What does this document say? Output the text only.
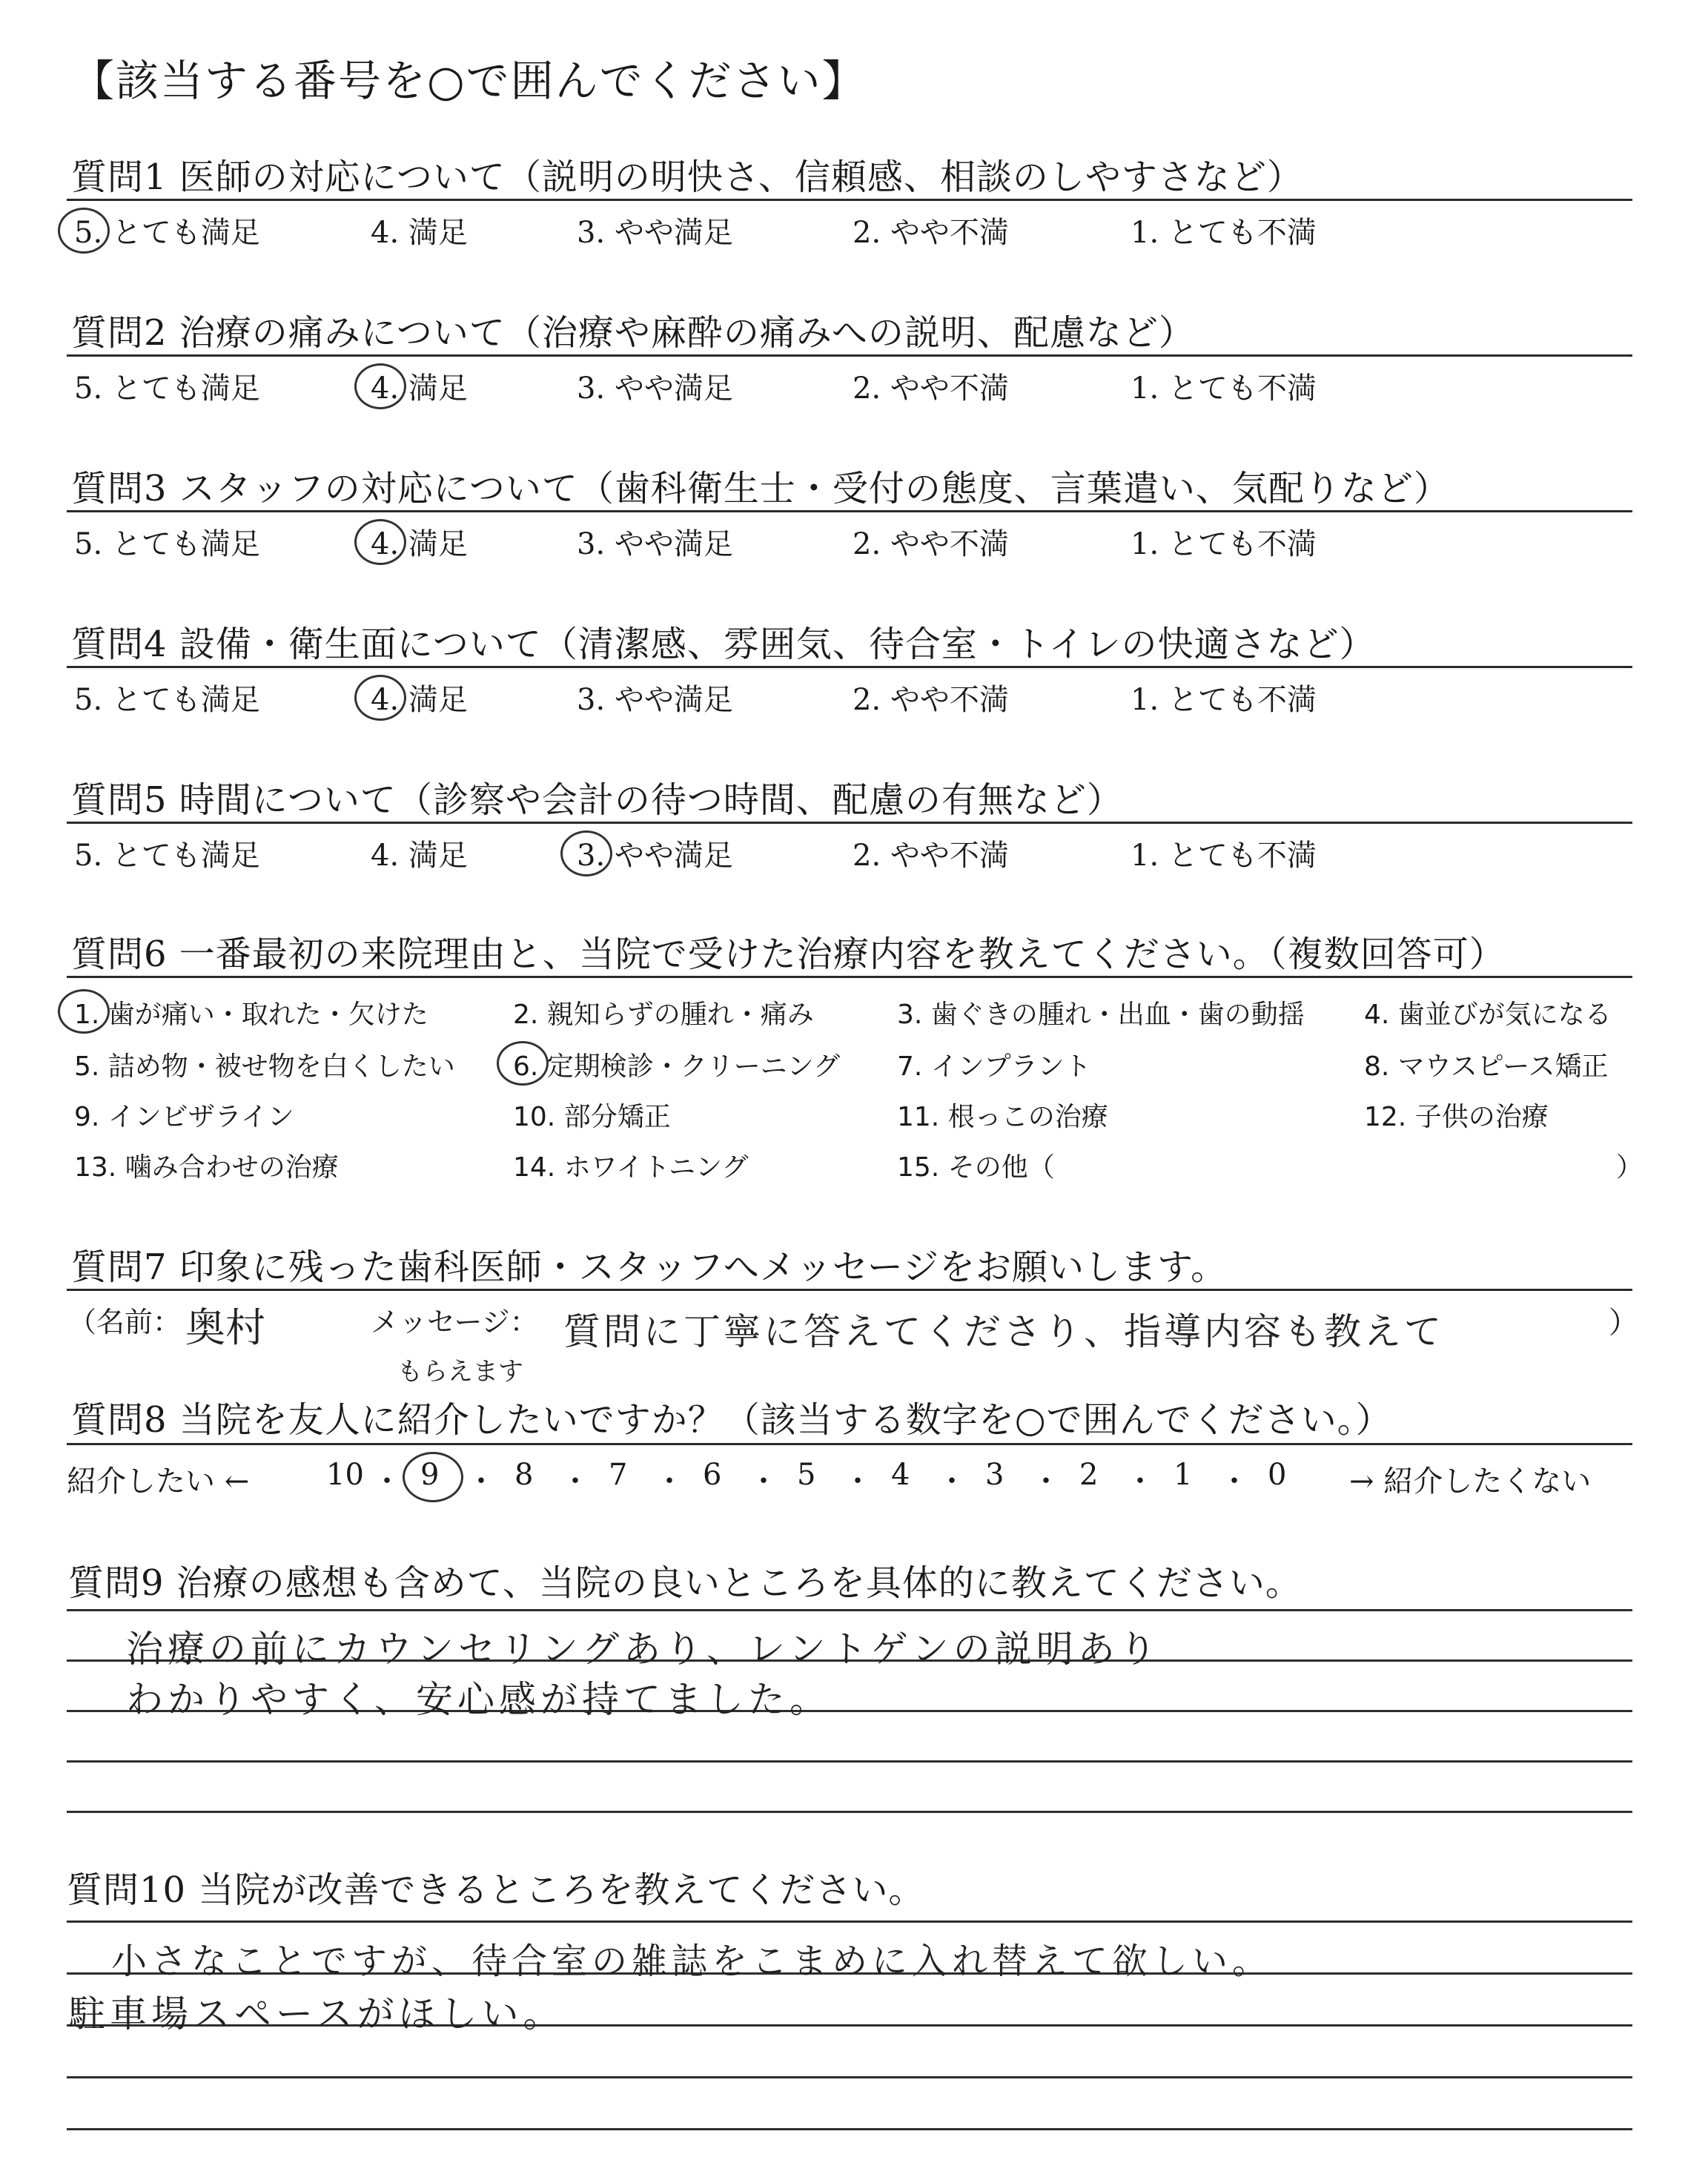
【該当する番号を○で囲んでください】
質問1 医師の対応について（説明の明快さ、信頼感、相談のしやすさなど）
5. とても満足	4. 満足	3. やや満足	2. やや不満	1. とても不満
質問2 治療の痛みについて（治療や麻酔の痛みへの説明、配慮など）
5. とても満足	4. 満足	3. やや満足	2. やや不満	1. とても不満
質問3 スタッフの対応について（歯科衛生士・受付の態度、言葉遣い、気配りなど）
5. とても満足	4. 満足	3. やや満足	2. やや不満	1. とても不満
質問4 設備・衛生面について（清潔感、雰囲気、待合室・トイレの快適さなど）
5. とても満足	4. 満足	3. やや満足	2. やや不満	1. とても不満
質問5 時間について（診察や会計の待つ時間、配慮の有無など）
5. とても満足	4. 満足	3. やや満足	2. やや不満	1. とても不満
質問6 一番最初の来院理由と、当院で受けた治療内容を教えてください。（複数回答可）
1. 歯が痛い・取れた・欠けた	2. 親知らずの腫れ・痛み	3. 歯ぐきの腫れ・出血・歯の動揺 4. 歯並びが気になる
5. 詰め物・被せ物を白くしたい 6. 定期検診・クリーニング 7. インプラント	8. マウスピース矯正
9. インビザライン	10. 部分矯正	11. 根っこの治療	12. 子供の治療
13. 噛み合わせの治療	14. ホワイトニング	15. その他（	）
質問7 印象に残った歯科医師・スタッフへメッセージをお願いします。
（名前： 奥村	メッセージ： 質問に丁寧に答えてくださり、指導内容も教えて
もらえます
）
質問8 当院を友人に紹介したいですか？（該当する数字を○で囲んでください。）
紹介したい ←	→ 紹介したくない
10 ・ 9 ・ 8 ・ 7 ・ 6 ・ 5 ・ 4 ・ 3 ・ 2 ・ 1 ・ 0
質問9 治療の感想も含めて、当院の良いところを具体的に教えてください。
治療の前にカウンセリングあり、レントゲンの説明あり
わかりやすく、安心感が持てました。
質問10 当院が改善できるところを教えてください。
小さなことですが、待合室の雑誌をこまめに入れ替えて欲しい。
駐車場スペースがほしい。
